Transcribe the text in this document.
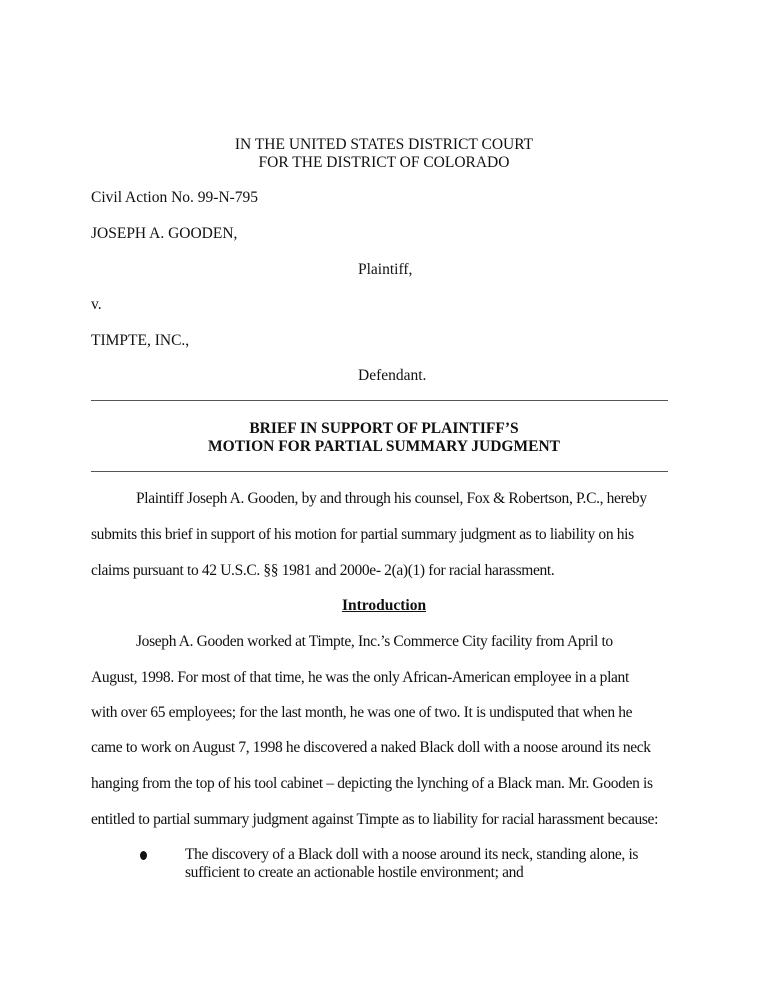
IN THE UNITED STATES DISTRICT COURT
FOR THE DISTRICT OF COLORADO
Civil Action No. 99-N-795
JOSEPH A. GOODEN,
Plaintiff,
v.
TIMPTE, INC.,
Defendant.
BRIEF IN SUPPORT OF PLAINTIFF’S
MOTION FOR PARTIAL SUMMARY JUDGMENT
Plaintiff Joseph A. Gooden, by and through his counsel, Fox & Robertson, P.C., hereby
submits this brief in support of his motion for partial summary judgment as to liability on his
claims pursuant to 42 U.S.C. §§ 1981 and 2000e- 2(a)(1) for racial harassment.
Introduction
Joseph A. Gooden worked at Timpte, Inc.’s Commerce City facility from April to
August, 1998. For most of that time, he was the only African-American employee in a plant
with over 65 employees; for the last month, he was one of two. It is undisputed that when he
came to work on August 7, 1998 he discovered a naked Black doll with a noose around its neck
hanging from the top of his tool cabinet – depicting the lynching of a Black man. Mr. Gooden is
entitled to partial summary judgment against Timpte as to liability for racial harassment because:
The discovery of a Black doll with a noose around its neck, standing alone, is
sufficient to create an actionable hostile environment; and
